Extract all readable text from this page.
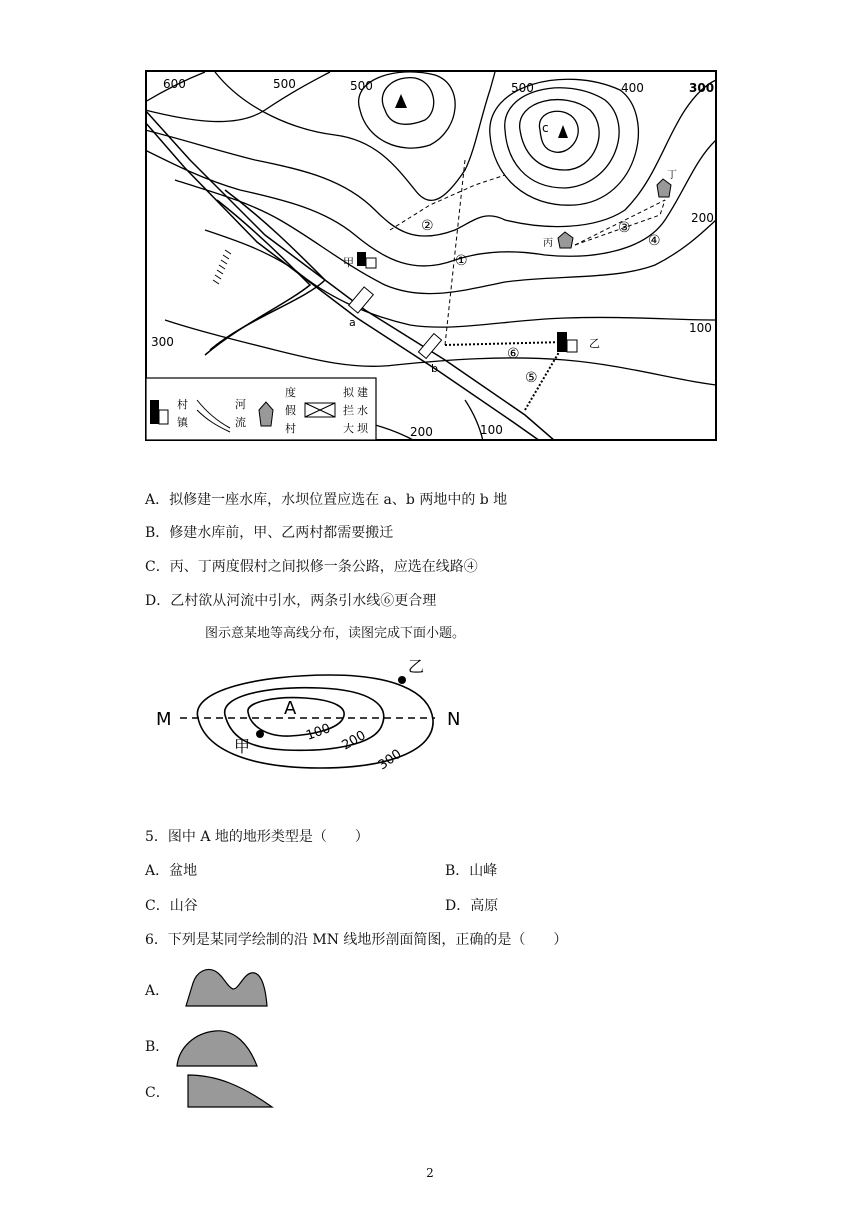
c
600	500	500	500	400	300
200
100
300
200	100
①
②	③
④
⑤
⑥
甲
乙
丙
丁
a
b
村
镇
河
流
度
假
村
拟 建
拦 水
大 坝
A．拟修建一座水库，水坝位置应选在 a、b 两地中的 b 地
B．修建水库前，甲、乙两村都需要搬迁
C．丙、丁两度假村之间拟修一条公路，应选在线路④
D．乙村欲从河流中引水，两条引水线⑥更合理
图示意某地等高线分布，读图完成下面小题。
M	N
A
甲
乙
100 200
300
5．图中 A 地的地形类型是（　　）
A．盆地	B．山峰
C．山谷	D．高原
6．下列是某同学绘制的沿 MN 线地形剖面简图，正确的是（　　）
A．
B．
C．
2
